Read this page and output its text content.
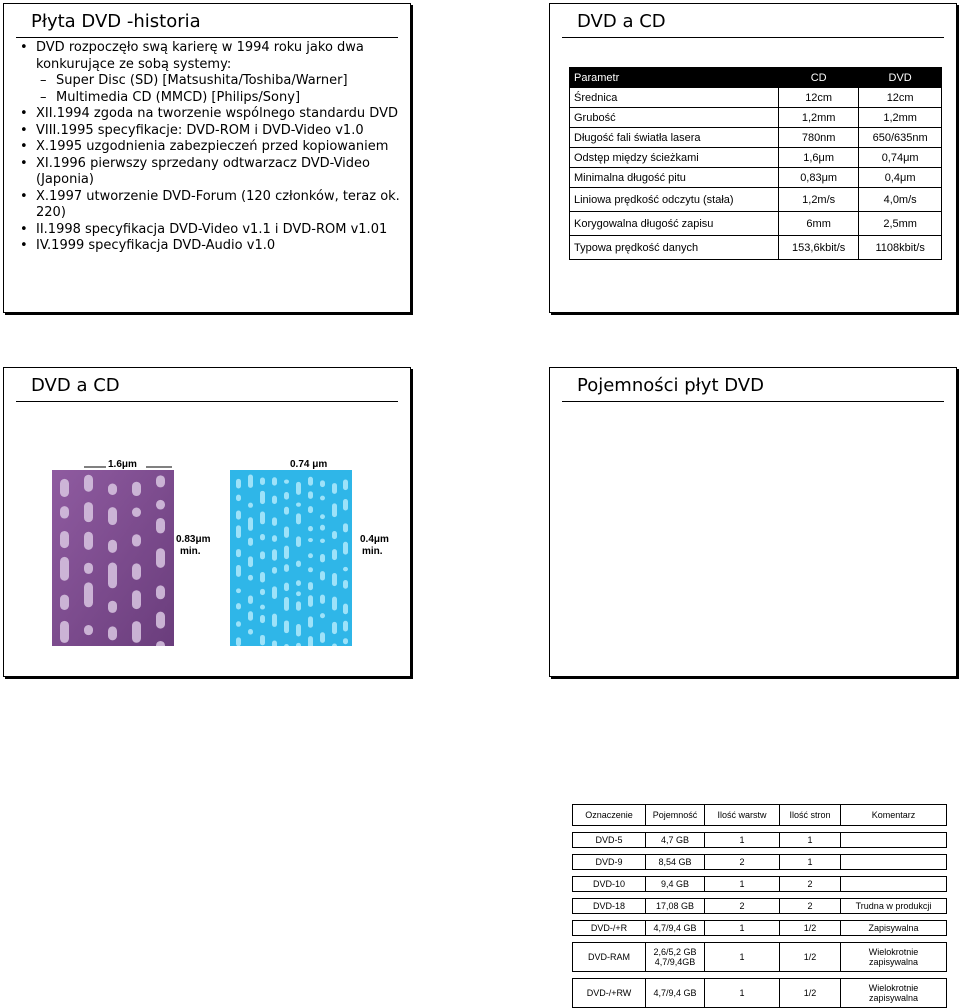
Płyta DVD -historia
• DVD rozpoczęło swą karierę w 1994 roku jako dwa konkurujące ze sobą systemy:
– Super Disc (SD) [Matsushita/Toshiba/Warner]
– Multimedia CD (MMCD) [Philips/Sony]
• XII.1994 zgoda na tworzenie wspólnego standardu DVD
• VIII.1995 specyfikacje: DVD-ROM i DVD-Video v1.0
• X.1995 uzgodnienia zabezpieczeń przed kopiowaniem
• XI.1996 pierwszy sprzedany odtwarzacz DVD-Video (Japonia)
• X.1997 utworzenie DVD-Forum (120 członków, teraz ok. 220)
• II.1998 specyfikacja DVD-Video v1.1 i DVD-ROM v1.01
• IV.1999 specyfikacja DVD-Audio v1.0
DVD a CD
Parametr	CD	DVD
Średnica	12cm	12cm
Grubość	1,2mm	1,2mm
Długość fali światła lasera	780nm	650/635nm
Odstęp między ścieżkami	1,6μm	0,74μm
Minimalna długość pitu	0,83μm	0,4μm
Liniowa prędkość odczytu (stała)	1,2m/s	4,0m/s
Korygowalna długość zapisu	6mm	2,5mm
Typowa prędkość danych	153,6kbit/s	1108kbit/s
DVD a CD
1.6μm
0.83μm
min.
0.74 μm
0.4μm
min.
Pojemności płyt DVD
Oznaczenie	Pojemność	Ilość warstw	Ilość stron	Komentarz

DVD-5	4,7 GB	1	1	

DVD-9	8,54 GB	2	1	

DVD-10	9,4 GB	1	2	

DVD-18	17,08 GB	2	2	Trudna w produkcji

DVD-/+R	4,7/9,4 GB	1	1/2	Zapisywalna

DVD-RAM	2,6/5,2 GB 4,7/9,4GB	1	1/2	Wielokrotnie zapisywalna

DVD-/+RW	4,7/9,4 GB	1	1/2	Wielokrotnie zapisywalna
